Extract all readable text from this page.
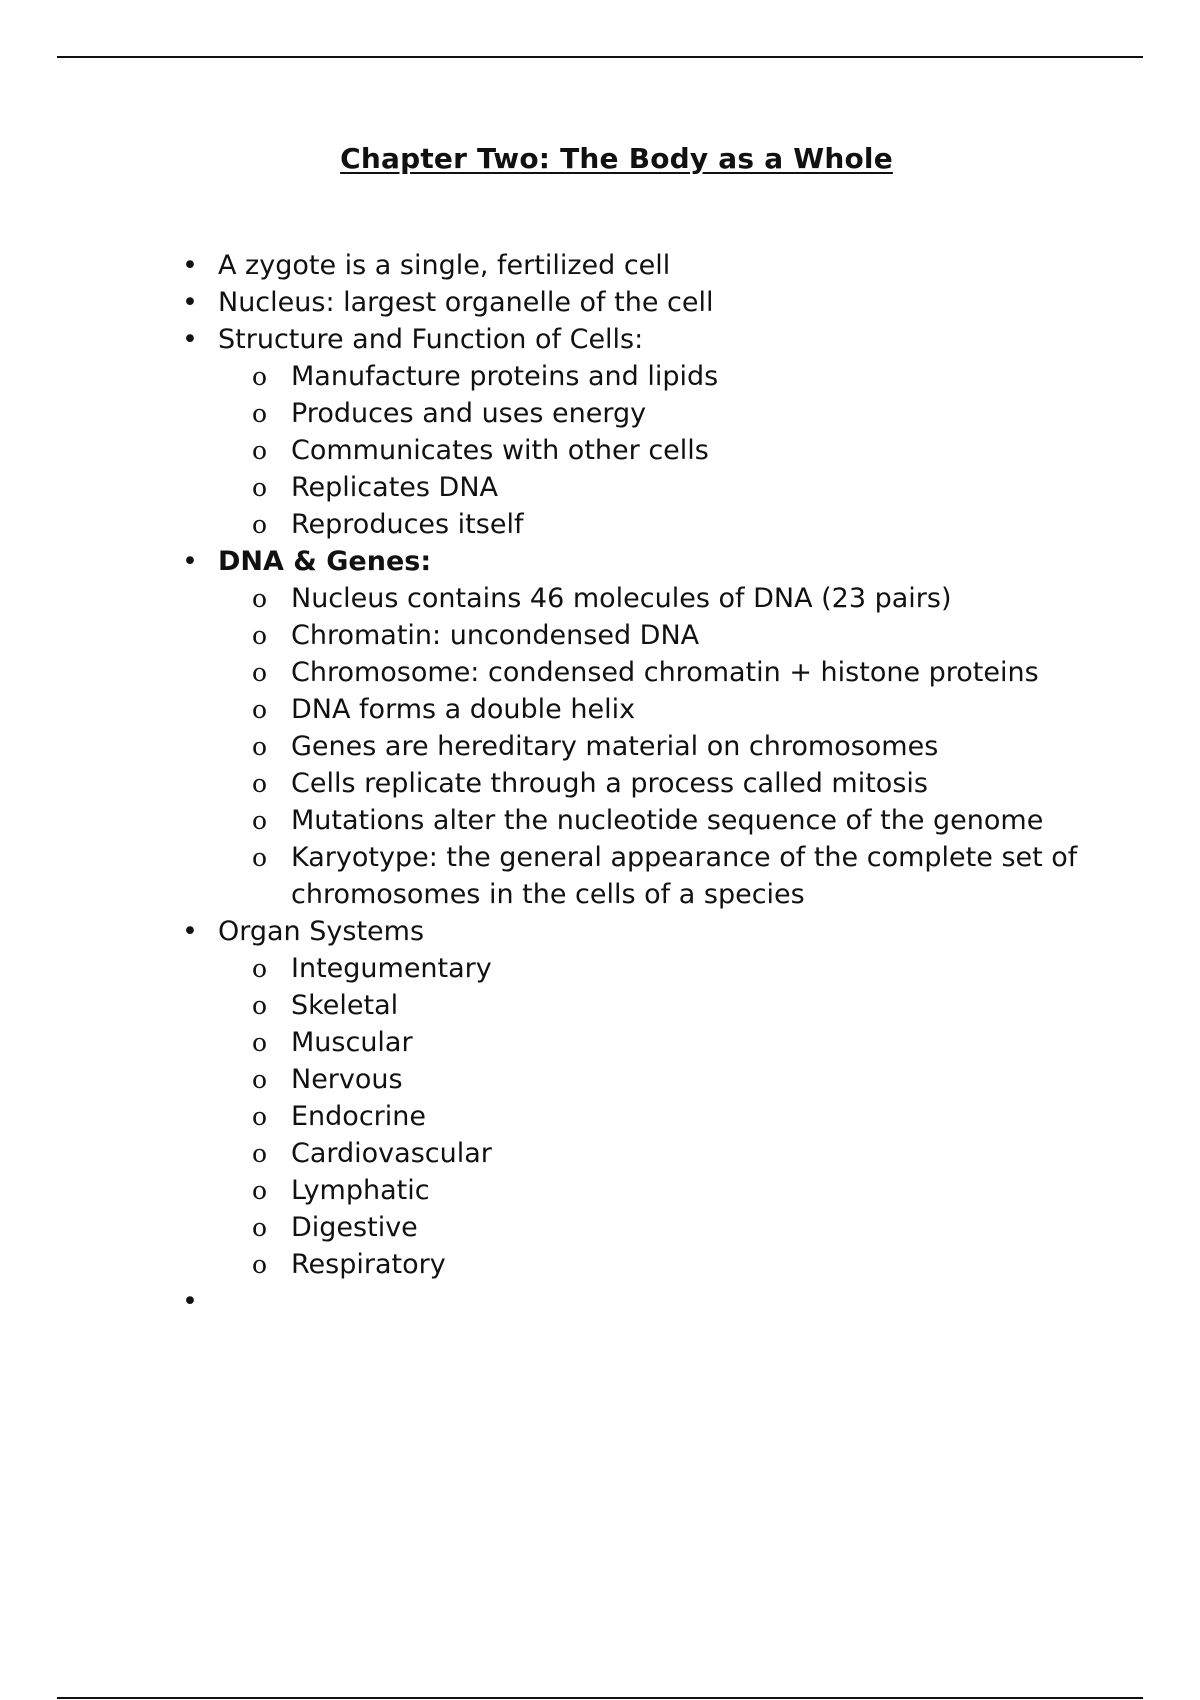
Chapter Two: The Body as a Whole
• A zygote is a single, fertilized cell
• Nucleus: largest organelle of the cell
• Structure and Function of Cells:
o Manufacture proteins and lipids
o Produces and uses energy
o Communicates with other cells
o Replicates DNA
o Reproduces itself
• DNA & Genes:
o Nucleus contains 46 molecules of DNA (23 pairs)
o Chromatin: uncondensed DNA
o Chromosome: condensed chromatin + histone proteins
o DNA forms a double helix
o Genes are hereditary material on chromosomes
o Cells replicate through a process called mitosis
o Mutations alter the nucleotide sequence of the genome
o Karyotype: the general appearance of the complete set of chromosomes in the cells of a species
• Organ Systems
o Integumentary
o Skeletal
o Muscular
o Nervous
o Endocrine
o Cardiovascular
o Lymphatic
o Digestive
o Respiratory
•
